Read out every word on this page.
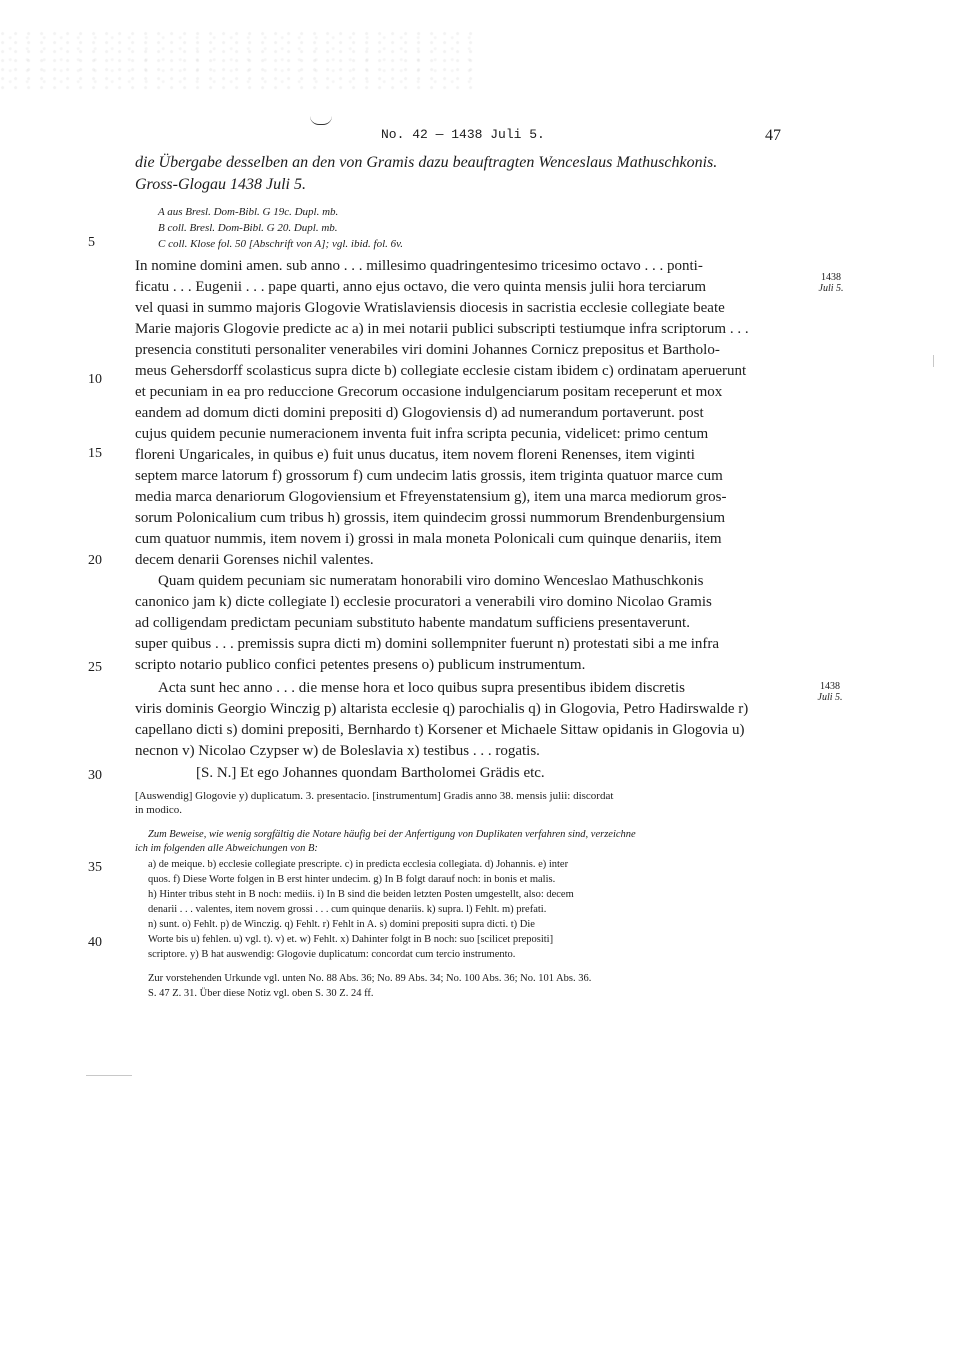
No. 42 — 1438 Juli 5.	47
die Übergabe desselben an den von Gramis dazu beauftragten Wenceslaus Mathuschkonis.
Gross-Glogau 1438 Juli 5.
A aus Bresl. Dom-Bibl. G 19c. Dupl. mb.
B coll. Bresl. Dom-Bibl. G 20. Dupl. mb.
C coll. Klose fol. 50 [Abschrift von A]; vgl. ibid. fol. 6v.
5
10
15
20
25
30
35
40
1438
Juli 5.
1438
Juli 5.
In nomine domini amen. sub anno . . . millesimo quadringentesimo tricesimo octavo . . . ponti-
ficatu . . . Eugenii . . . pape quarti, anno ejus octavo, die vero quinta mensis julii hora terciarum
vel quasi in summo majoris Glogovie Wratislaviensis diocesis in sacristia ecclesie collegiate beate
Marie majoris Glogovie predicte ac a) in mei notarii publici subscripti testiumque infra scriptorum . . .
presencia constituti personaliter venerabiles viri domini Johannes Cornicz prepositus et Bartholo-
meus Gehersdorff scolasticus supra dicte b) collegiate ecclesie cistam ibidem c) ordinatam aperuerunt
et pecuniam in ea pro reduccione Grecorum occasione indulgenciarum positam receperunt et mox
eandem ad domum dicti domini prepositi d) Glogoviensis d) ad numerandum portaverunt. post
cujus quidem pecunie numeracionem inventa fuit infra scripta pecunia, videlicet: primo centum
floreni Ungaricales, in quibus e) fuit unus ducatus, item novem floreni Renenses, item viginti
septem marce latorum f) grossorum f) cum undecim latis grossis, item triginta quatuor marce cum
media marca denariorum Glogoviensium et Ffreyenstatensium g), item una marca mediorum gros-
sorum Polonicalium cum tribus h) grossis, item quindecim grossi nummorum Brendenburgensium
cum quatuor nummis, item novem i) grossi in mala moneta Polonicali cum quinque denariis, item
decem denarii Gorenses nichil valentes.
Quam quidem pecuniam sic numeratam honorabili viro domino Wenceslao Mathuschkonis
canonico jam k) dicte collegiate l) ecclesie procuratori a venerabili viro domino Nicolao Gramis
ad colligendam predictam pecuniam substituto habente mandatum sufficiens presentaverunt.
super quibus . . . premissis supra dicti m) domini sollempniter fuerunt n) protestati sibi a me infra
scripto notario publico confici petentes presens o) publicum instrumentum.
Acta sunt hec anno . . . die mense hora et loco quibus supra presentibus ibidem discretis
viris dominis Georgio Winczig p) altarista ecclesie q) parochialis q) in Glogovia, Petro Hadirswalde r)
capellano dicti s) domini prepositi, Bernhardo t) Korsener et Michaele Sittaw opidanis in Glogovia u)
necnon v) Nicolao Czypser w) de Boleslavia x) testibus . . . rogatis.
[S. N.] Et ego Johannes quondam Bartholomei Grädis etc.
[Auswendig] Glogovie y) duplicatum. 3. presentacio. [instrumentum] Gradis anno 38. mensis julii: discordat
in modico.
Zum Beweise, wie wenig sorgfältig die Notare häufig bei der Anfertigung von Duplikaten verfahren sind, verzeichne
ich im folgenden alle Abweichungen von B:
a) de meique. b) ecclesie collegiate prescripte. c) in predicta ecclesia collegiata. d) Johannis. e) inter
quos. f) Diese Worte folgen in B erst hinter undecim. g) In B folgt darauf noch: in bonis et malis.
h) Hinter tribus steht in B noch: mediis. i) In B sind die beiden letzten Posten umgestellt, also: decem
denarii . . . valentes, item novem grossi . . . cum quinque denariis. k) supra. l) Fehlt. m) prefati.
n) sunt. o) Fehlt. p) de Winczig. q) Fehlt. r) Fehlt in A. s) domini prepositi supra dicti. t) Die
Worte bis u) fehlen. u) vgl. t). v) et. w) Fehlt. x) Dahinter folgt in B noch: suo [scilicet prepositi]
scriptore. y) B hat auswendig: Glogovie duplicatum: concordat cum tercio instrumento.
Zur vorstehenden Urkunde vgl. unten No. 88 Abs. 36; No. 89 Abs. 34; No. 100 Abs. 36; No. 101 Abs. 36.
S. 47 Z. 31. Über diese Notiz vgl. oben S. 30 Z. 24 ff.
